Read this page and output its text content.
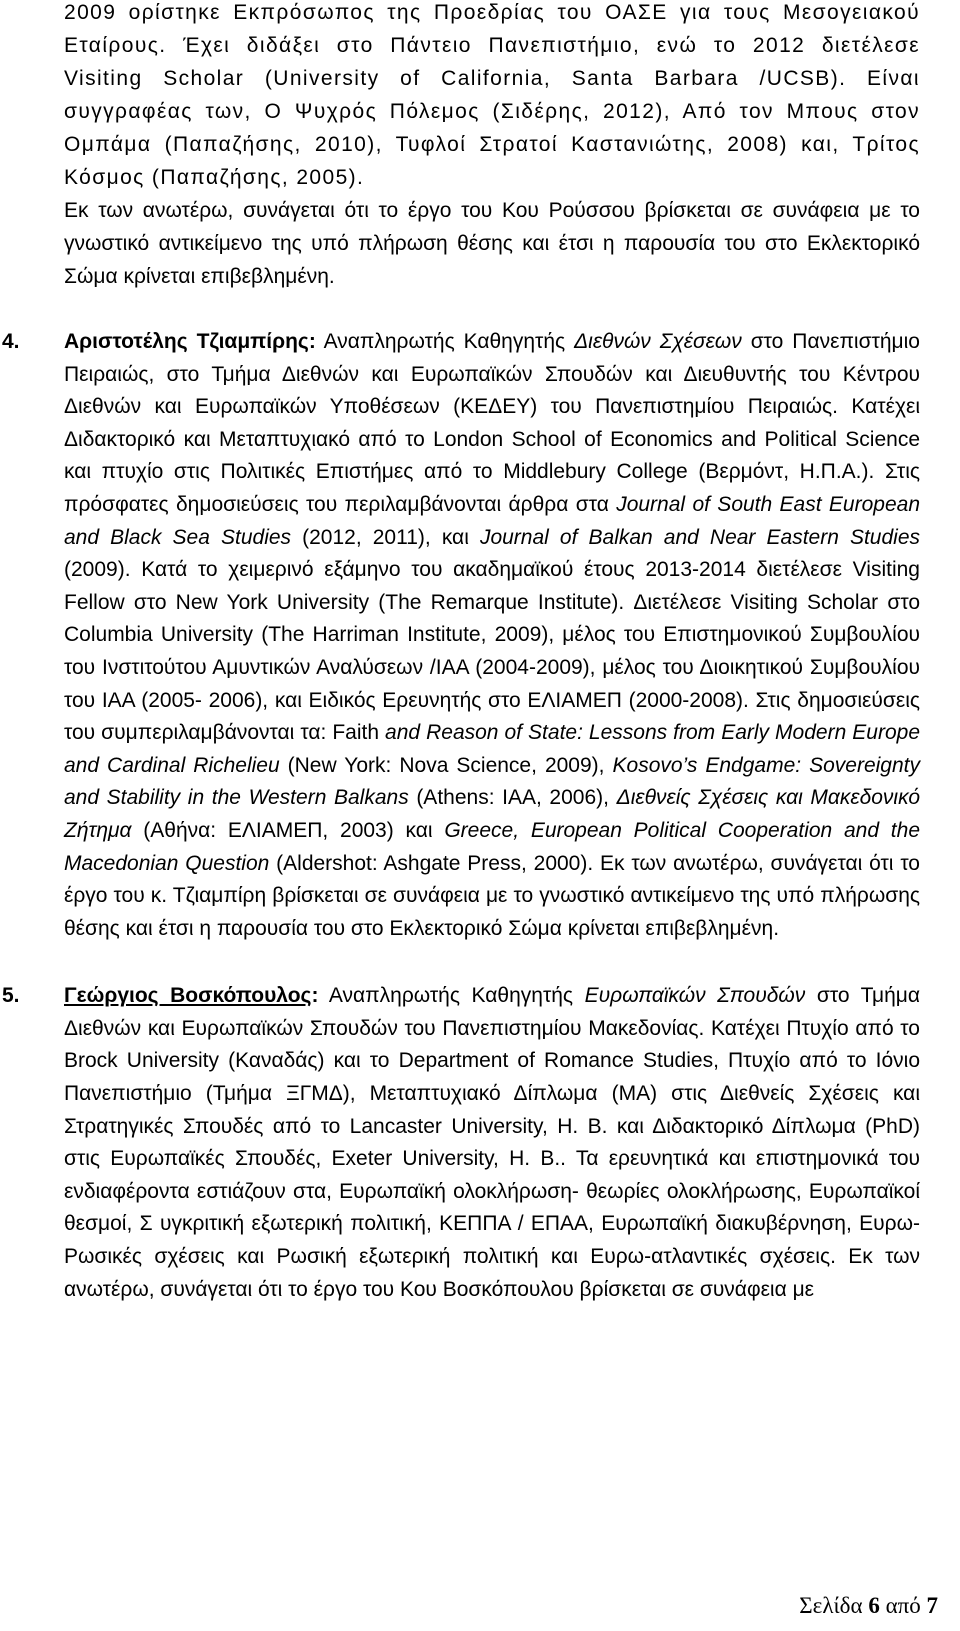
2009 ορίστηκε Εκπρόσωπος της Προεδρίας του ΟΑΣΕ για τους Μεσογειακού Εταίρους. Έχει διδάξει στο Πάντειο Πανεπιστήμιο, ενώ το 2012 διετέλεσε Visiting Scholar (University of California, Santa Barbara /UCSB). Είναι συγγραφέας των, Ο Ψυχρός Πόλεμος (Σιδέρης, 2012), Από τον Μπους στον Ομπάμα (Παπαζήσης, 2010), Τυφλοί Στρατοί Καστανιώτης, 2008) και, Τρίτος Κόσμος (Παπαζήσης, 2005).

Εκ των ανωτέρω, συνάγεται ότι το έργο του Κου Ρούσσου βρίσκεται σε συνάφεια με το γνωστικό αντικείμενο της υπό πλήρωση θέσης και έτσι η παρουσία του στο Εκλεκτορικό Σώμα κρίνεται επιβεβλημένη.

4. Αριστοτέλης Τζιαμπίρης: Αναπληρωτής Καθηγητής Διεθνών Σχέσεων στο Πανεπιστήμιο Πειραιώς, στο Τμήμα Διεθνών και Ευρωπαϊκών Σπουδών και Διευθυντής του Κέντρου Διεθνών και Ευρωπαϊκών Υποθέσεων (ΚΕΔΕΥ) του Πανεπιστημίου Πειραιώς. Κατέχει Διδακτορικό και Μεταπτυχιακό από το London School of Economics and Political Science και πτυχίο στις Πολιτικές Επιστήμες από το Middlebury College (Βερμόντ, Η.Π.Α.). Στις πρόσφατες δημοσιεύσεις του περιλαμβάνονται άρθρα στα Journal of South East European and Black Sea Studies (2012, 2011), και Journal of Balkan and Near Eastern Studies (2009). Κατά το χειμερινό εξάμηνο του ακαδημαϊκού έτους 2013-2014 διετέλεσε Visiting Fellow στο New York University (The Remarque Institute). Διετέλεσε Visiting Scholar στο Columbia University (The Harriman Institute, 2009), μέλος του Επιστημονικού Συμβουλίου του Ινστιτούτου Αμυντικών Αναλύσεων /ΙΑΑ (2004-2009), μέλος του Διοικητικού Συμβουλίου του ΙΑΑ (2005- 2006), και Ειδικός Ερευνητής στο ΕΛΙΑΜΕΠ (2000-2008). Στις δημοσιεύσεις του συμπεριλαμβάνονται τα: Faith and Reason of State: Lessons from Early Modern Europe and Cardinal Richelieu (New York: Nova Science, 2009), Kosovo’s Endgame: Sovereignty and Stability in the Western Balkans (Athens: IAA, 2006), Διεθνείς Σχέσεις και Μακεδονικό Ζήτημα (Αθήνα: ΕΛΙΑΜΕΠ, 2003) και Greece, European Political Cooperation and the Macedonian Question (Aldershot: Ashgate Press, 2000). Εκ των ανωτέρω, συνάγεται ότι το έργο του κ. Τζιαμπίρη βρίσκεται σε συνάφεια με το γνωστικό αντικείμενο της υπό πλήρωσης θέσης και έτσι η παρουσία του στο Εκλεκτορικό Σώμα κρίνεται επιβεβλημένη.

5. Γεώργιος Βοσκόπουλος: Αναπληρωτής Καθηγητής Ευρωπαϊκών Σπουδών στο Τμήμα Διεθνών και Ευρωπαϊκών Σπουδών του Πανεπιστημίου Μακεδονίας. Κατέχει Πτυχίο από το Brock University (Καναδάς) και το Department of Romance Studies, Πτυχίο από το Ιόνιο Πανεπιστήμιο (Τμήμα ΞΓΜΔ), Μεταπτυχιακό Δίπλωμα (ΜΑ) στις Διεθνείς Σχέσεις και Στρατηγικές Σπουδές από το Lancaster University, Η. Β. και Διδακτορικό Δίπλωμα (PhD) στις Ευρωπαϊκές Σπουδές, Exeter University, Η. Β.. Τα ερευνητικά και επιστημονικά του ενδιαφέροντα εστιάζουν στα, Ευρωπαϊκή ολοκλήρωση- θεωρίες ολοκλήρωσης, Ευρωπαϊκοί θεσμοί, Σ υγκριτική εξωτερική πολιτική, ΚΕΠΠΑ / ΕΠΑΑ, Ευρωπαϊκή διακυβέρνηση, Ευρω-Ρωσικές σχέσεις και Ρωσική εξωτερική πολιτική και Ευρω-ατλαντικές σχέσεις. Εκ των ανωτέρω, συνάγεται ότι το έργο του Κου Βοσκόπουλου βρίσκεται σε συνάφεια με

Σελίδα 6 από 7
